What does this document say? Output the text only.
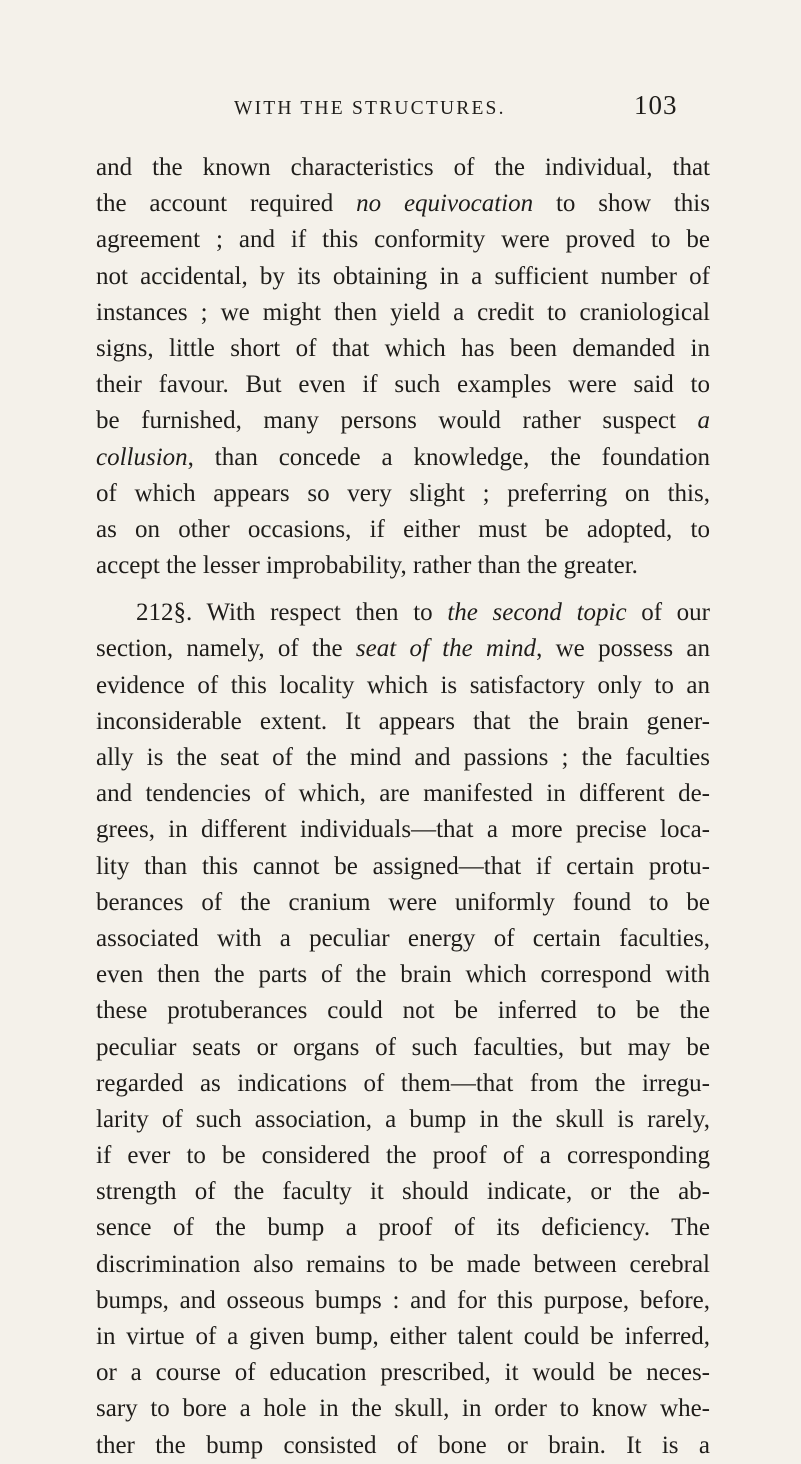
WITH THE STRUCTURES.	103
and the known characteristics of the individual, that
the account required no equivocation to show this
agreement ; and if this conformity were proved to be
not accidental, by its obtaining in a sufficient number of
instances ; we might then yield a credit to craniological
signs, little short of that which has been demanded in
their favour. But even if such examples were said to
be furnished, many persons would rather suspect a
collusion, than concede a knowledge, the foundation
of which appears so very slight ; preferring on this,
as on other occasions, if either must be adopted, to
accept the lesser improbability, rather than the greater.
212§. With respect then to the second topic of our
section, namely, of the seat of the mind, we possess an
evidence of this locality which is satisfactory only to an
inconsiderable extent. It appears that the brain gener-
ally is the seat of the mind and passions ; the faculties
and tendencies of which, are manifested in different de-
grees, in different individuals—that a more precise loca-
lity than this cannot be assigned—that if certain protu-
berances of the cranium were uniformly found to be
associated with a peculiar energy of certain faculties,
even then the parts of the brain which correspond with
these protuberances could not be inferred to be the
peculiar seats or organs of such faculties, but may be
regarded as indications of them—that from the irregu-
larity of such association, a bump in the skull is rarely,
if ever to be considered the proof of a corresponding
strength of the faculty it should indicate, or the ab-
sence of the bump a proof of its deficiency. The
discrimination also remains to be made between cerebral
bumps, and osseous bumps : and for this purpose, before,
in virtue of a given bump, either talent could be inferred,
or a course of education prescribed, it would be neces-
sary to bore a hole in the skull, in order to know whe-
ther the bump consisted of bone or brain. It is a
